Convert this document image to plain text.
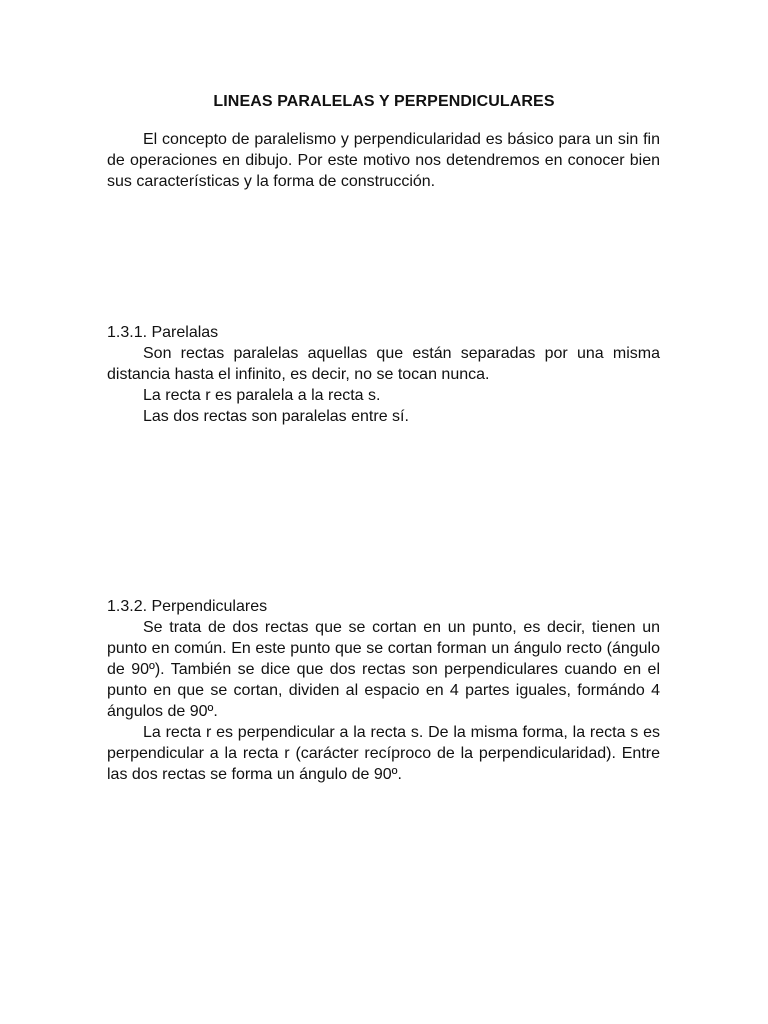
LINEAS PARALELAS Y PERPENDICULARES

El concepto de paralelismo y perpendicularidad es básico para un sin fin de operaciones en dibujo. Por este motivo nos detendremos en conocer bien sus características y la forma de construcción.

1.3.1. Parelalas

Son rectas paralelas aquellas que están separadas por una misma distancia hasta el infinito, es decir, no se tocan nunca.

La recta r es paralela a la recta s.

Las dos rectas son paralelas entre sí.

1.3.2. Perpendiculares

Se trata de dos rectas que se cortan en un punto, es decir, tienen un punto en común. En este punto que se cortan forman un ángulo recto (ángulo de 90º). También se dice que dos rectas son perpendiculares cuando en el punto en que se cortan, dividen al espacio en 4 partes iguales, formándo 4 ángulos de 90º.

La recta r es perpendicular a la recta s. De la misma forma, la recta s es perpendicular a la recta r (carácter recíproco de la perpendicularidad). Entre las dos rectas se forma un ángulo de 90º.
